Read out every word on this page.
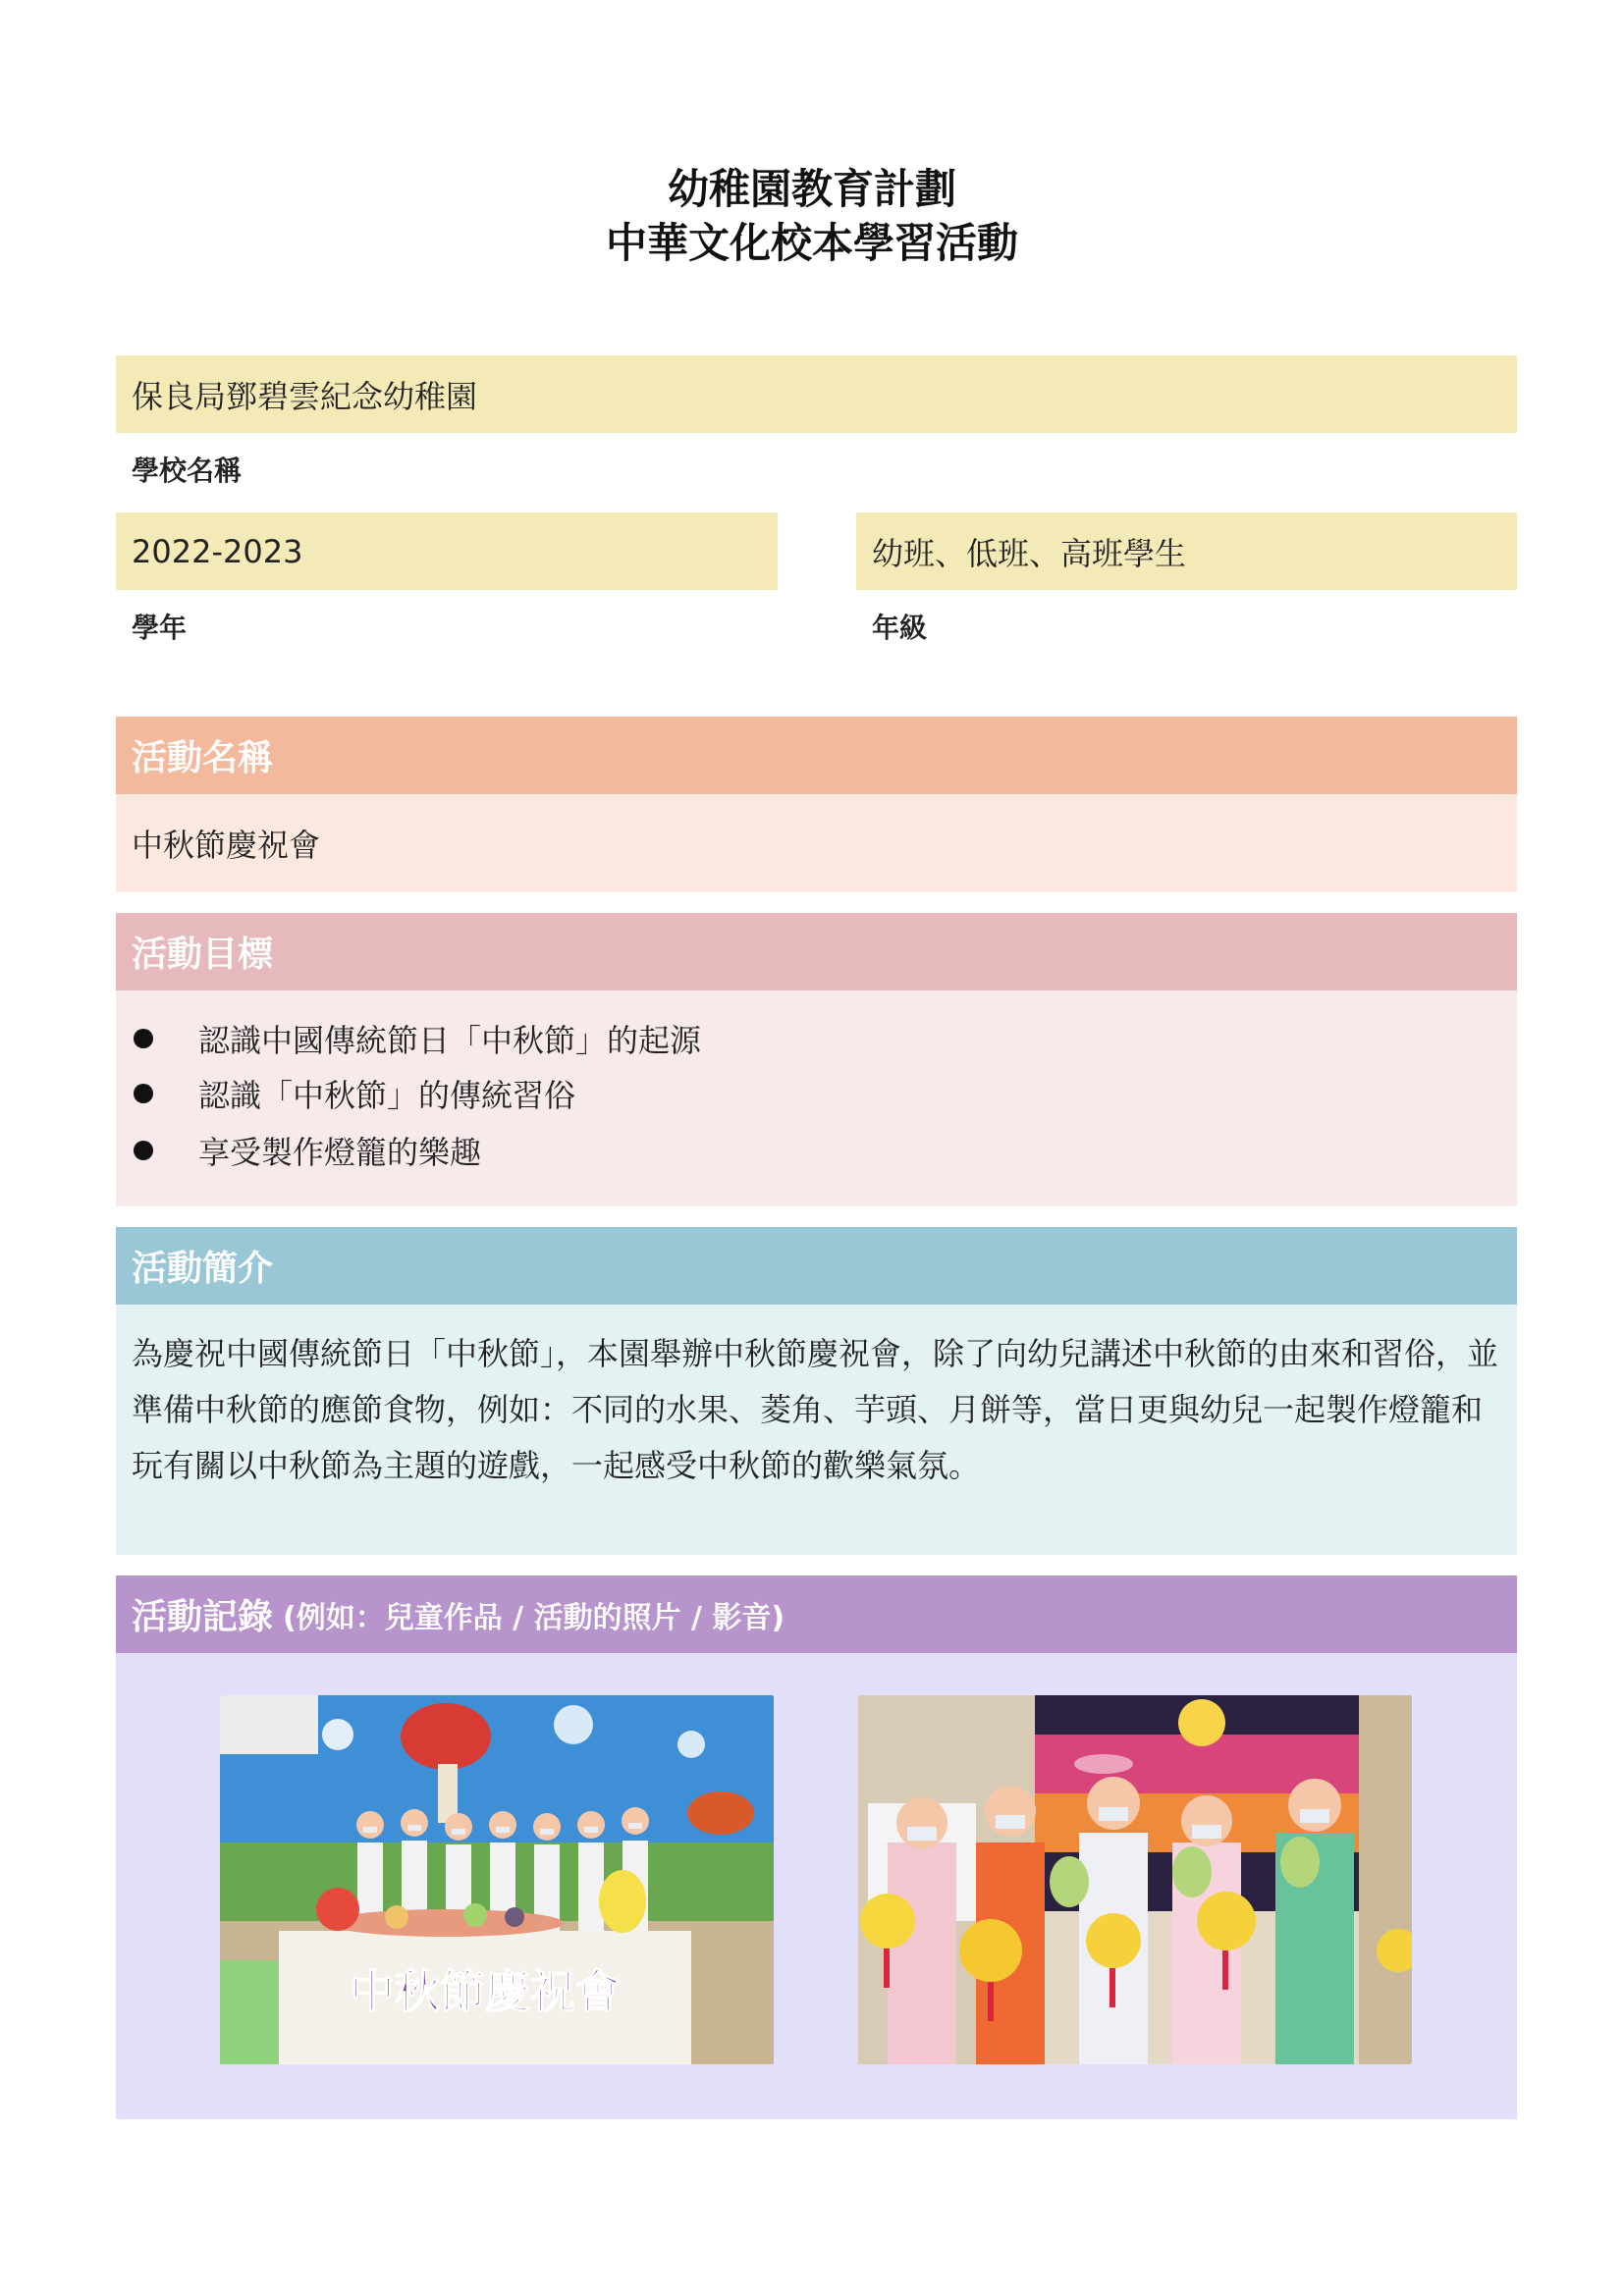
幼稚園教育計劃
中華文化校本學習活動
保良局鄧碧雲紀念幼稚園
學校名稱
2022-2023
學年
幼班、低班、高班學生
年級
活動名稱
中秋節慶祝會
活動目標
認識中國傳統節日「中秋節」的起源
認識「中秋節」的傳統習俗
享受製作燈籠的樂趣
活動簡介
為慶祝中國傳統節日「中秋節」，本園舉辦中秋節慶祝會，除了向幼兒講述中秋節的由來和習俗，並準備中秋節的應節食物，例如：不同的水果、菱角、芋頭、月餅等，當日更與幼兒一起製作燈籠和玩有關以中秋節為主題的遊戲，一起感受中秋節的歡樂氣氛。
活動記錄 (例如：兒童作品 / 活動的照片 / 影音)
中秋節慶祝會
